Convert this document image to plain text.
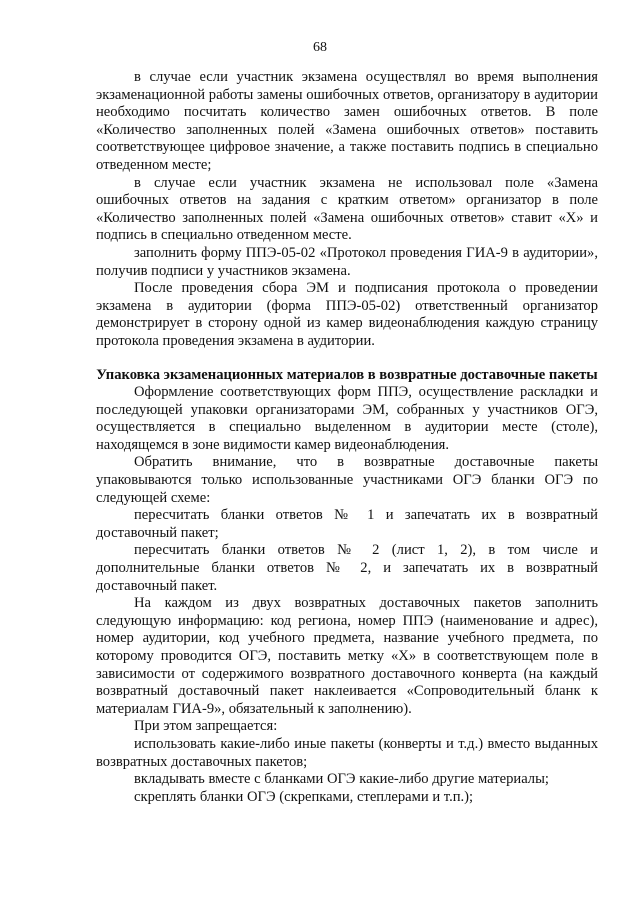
68

в случае если участник экзамена осуществлял во время выполнения экзаменационной работы замены ошибочных ответов, организатору в аудитории необходимо посчитать количество замен ошибочных ответов. В поле «Количество заполненных полей «Замена ошибочных ответов» поставить соответствующее цифровое значение, а также поставить подпись в специально отведенном месте;

в случае если участник экзамена не использовал поле «Замена ошибочных ответов на задания с кратким ответом» организатор в поле «Количество заполненных полей «Замена ошибочных ответов» ставит «X» и подпись в специально отведенном месте.

заполнить форму ППЭ-05-02 «Протокол проведения ГИА-9 в аудитории», получив подписи у участников экзамена.

После проведения сбора ЭМ и подписания протокола о проведении экзамена в аудитории (форма ППЭ-05-02) ответственный организатор демонстрирует в сторону одной из камер видеонаблюдения каждую страницу протокола проведения экзамена в аудитории.

Упаковка экзаменационных материалов в возвратные доставочные пакеты

Оформление соответствующих форм ППЭ, осуществление раскладки и последующей упаковки организаторами ЭМ, собранных у участников ОГЭ, осуществляется в специально выделенном в аудитории месте (столе), находящемся в зоне видимости камер видеонаблюдения.

Обратить внимание, что в возвратные доставочные пакеты упаковываются только использованные участниками ОГЭ бланки ОГЭ по следующей схеме:

пересчитать бланки ответов № 1 и запечатать их в возвратный доставочный пакет;

пересчитать бланки ответов № 2 (лист 1, 2), в том числе и дополнительные бланки ответов № 2, и запечатать их в возвратный доставочный пакет.

На каждом из двух возвратных доставочных пакетов заполнить следующую информацию: код региона, номер ППЭ (наименование и адрес), номер аудитории, код учебного предмета, название учебного предмета, по которому проводится ОГЭ, поставить метку «X» в соответствующем поле в зависимости от содержимого возвратного доставочного конверта (на каждый возвратный доставочный пакет наклеивается «Сопроводительный бланк к материалам ГИА-9», обязательный к заполнению).

При этом запрещается:

использовать какие-либо иные пакеты (конверты и т.д.) вместо выданных возвратных доставочных пакетов;

вкладывать вместе с бланками ОГЭ какие-либо другие материалы;

скреплять бланки ОГЭ (скрепками, степлерами и т.п.);
